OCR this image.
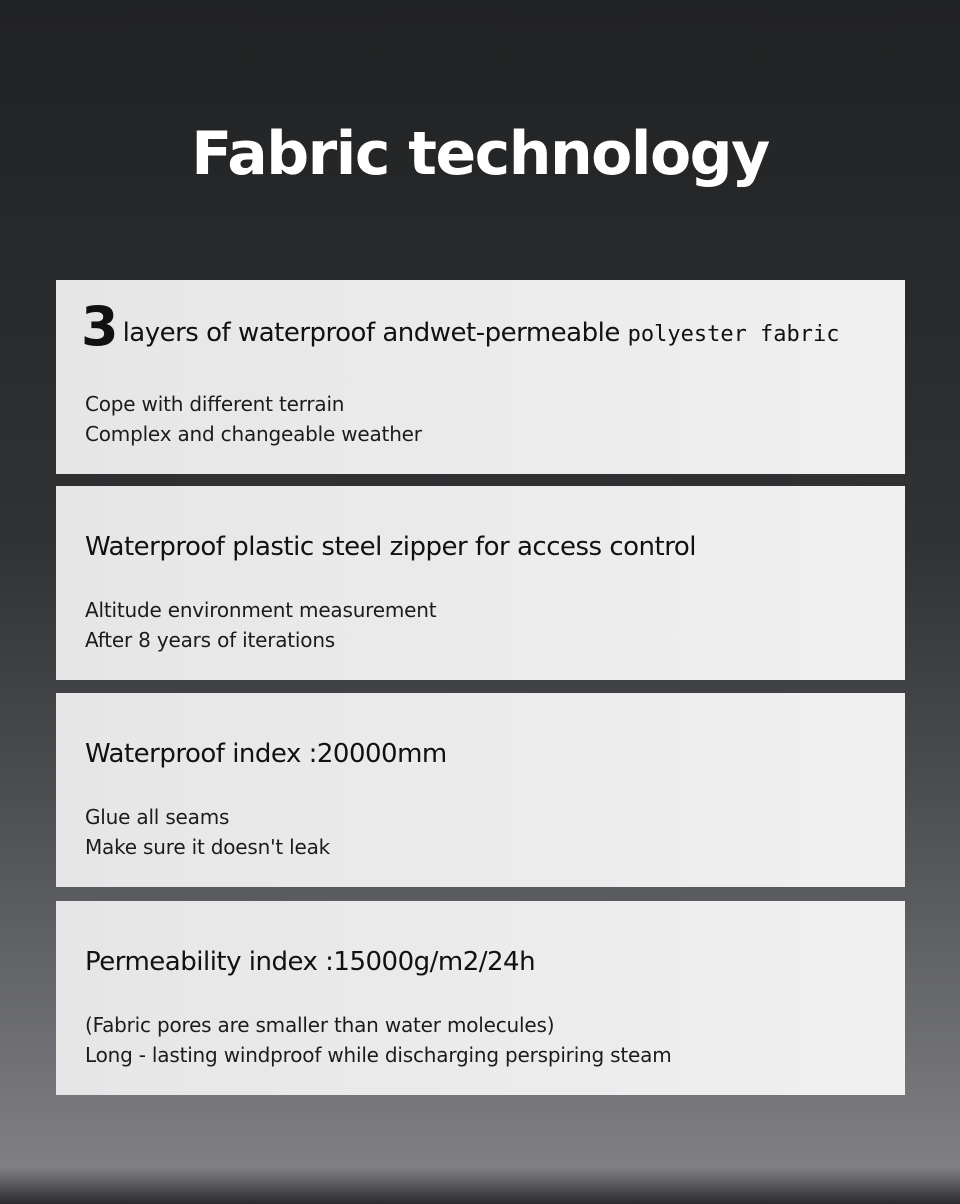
Fabric technology
3 layers of waterproof andwet-permeable polyester fabric
Cope with different terrain
Complex and changeable weather
Waterproof plastic steel zipper for access control
Altitude environment measurement
After 8 years of iterations
Waterproof index :20000mm
Glue all seams
Make sure it doesn't leak
Permeability index :15000g/m2/24h
(Fabric pores are smaller than water molecules)
Long - lasting windproof while discharging perspiring steam
